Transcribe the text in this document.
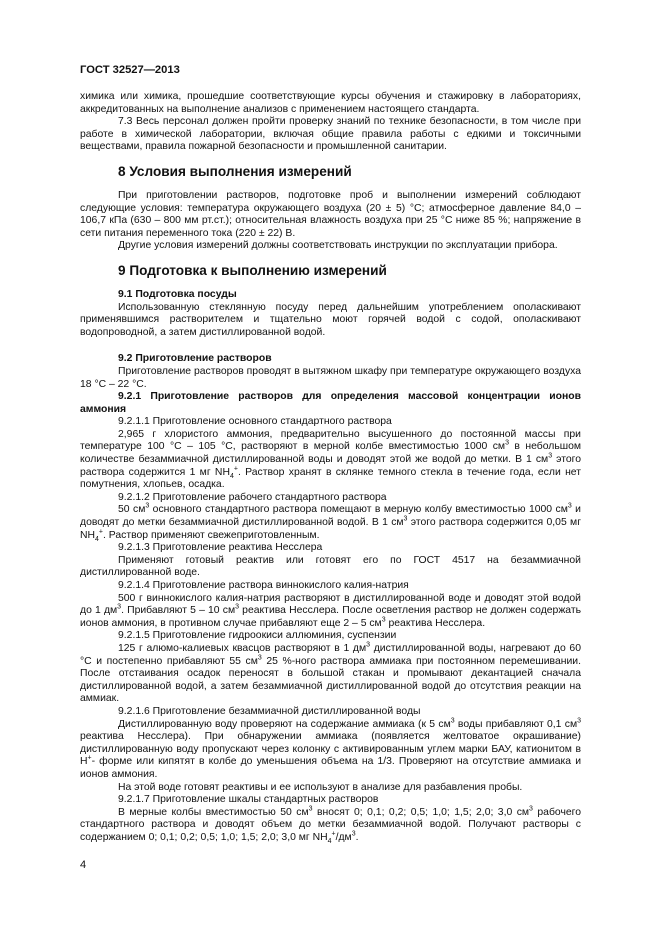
ГОСТ 32527—2013

химика или химика, прошедшие соответствующие курсы обучения и стажировку в лабораториях, аккредитованных на выполнение анализов с применением настоящего стандарта.

7.3 Весь персонал должен пройти проверку знаний по технике безопасности, в том числе при работе в химической лаборатории, включая общие правила работы с едкими и токсичными веществами, правила пожарной безопасности и промышленной санитарии.

8 Условия выполнения измерений

При приготовлении растворов, подготовке проб и выполнении измерений соблюдают следующие условия: температура окружающего воздуха (20 ± 5) °С; атмосферное давление 84,0 – 106,7 кПа (630 – 800 мм рт.ст.); относительная влажность воздуха при 25 °С ниже 85 %; напряжение в сети питания переменного тока (220 ± 22) В.

Другие условия измерений должны соответствовать инструкции по эксплуатации прибора.

9 Подготовка к выполнению измерений
9.1 Подготовка посуды

Использованную стеклянную посуду перед дальнейшим употреблением ополаскивают применявшимся растворителем и тщательно моют горячей водой с содой, ополаскивают водопроводной, а затем дистиллированной водой.

9.2 Приготовление растворов

Приготовление растворов проводят в вытяжном шкафу при температуре окружающего воздуха 18 °С – 22 °С.

9.2.1 Приготовление растворов для определения массовой концентрации ионов аммония

9.2.1.1 Приготовление основного стандартного раствора

2,965 г хлористого аммония, предварительно высушенного до постоянной массы при температуре 100 °С – 105 °С, растворяют в мерной колбе вместимостью 1000 $см^3$ в небольшом количестве безаммиачной дистиллированной воды и доводят этой же водой до метки. В 1 $см^3$ этого раствора содержится 1 мг $NH_4^+$. Раствор хранят в склянке темного стекла в течение года, если нет помутнения, хлопьев, осадка.

9.2.1.2 Приготовление рабочего стандартного раствора

50 $см^3$ основного стандартного раствора помещают в мерную колбу вместимостью 1000 $см^3$ и доводят до метки безаммиачной дистиллированной водой. В 1 $см^3$ этого раствора содержится 0,05 мг $NH_4^+$. Раствор применяют свежеприготовленным.

9.2.1.3 Приготовление реактива Несслера

Применяют готовый реактив или готовят его по ГОСТ 4517 на безаммиачной дистиллированной воде.

9.2.1.4 Приготовление раствора виннокислого калия-натрия

500 г виннокислого калия-натрия растворяют в дистиллированной воде и доводят этой водой до 1 $дм^3$. Прибавляют 5 – 10 $см^3$ реактива Несслера. После осветления раствор не должен содержать ионов аммония, в противном случае прибавляют еще 2 – 5 $см^3$ реактива Несслера.

9.2.1.5 Приготовление гидроокиси аллюминия, суспензии

125 г алюмо-калиевых квасцов растворяют в 1 $дм^3$ дистиллированной воды, нагревают до 60 °С и постепенно прибавляют 55 $см^3$ 25 %-ного раствора аммиака при постоянном перемешивании. После отстаивания осадок переносят в большой стакан и промывают декантацией сначала дистиллированной водой, а затем безаммиачной дистиллированной водой до отсутствия реакции на аммиак.

9.2.1.6 Приготовление безаммиачной дистиллированной воды

Дистиллированную воду проверяют на содержание аммиака (к 5 $см^3$ воды прибавляют 0,1 $см^3$ реактива Несслера). При обнаружении аммиака (появляется желтоватое окрашивание) дистиллированную воду пропускают через колонку с активированным углем марки БАУ, катионитом в Н+- форме или кипятят в колбе до уменьшения объема на 1/3. Проверяют на отсутствие аммиака и ионов аммония.

На этой воде готовят реактивы и ее используют в анализе для разбавления пробы.

9.2.1.7 Приготовление шкалы стандартных растворов

В мерные колбы вместимостью 50 $см^3$ вносят 0; 0,1; 0,2; 0,5; 1,0; 1,5; 2,0; 3,0 $см^3$ рабочего стандартного раствора и доводят объем до метки безаммиачной водой. Получают растворы с содержанием 0; 0,1; 0,2; 0,5; 1,0; 1,5; 2,0; 3,0 мг $NH_4^+/дм^3$.

4
